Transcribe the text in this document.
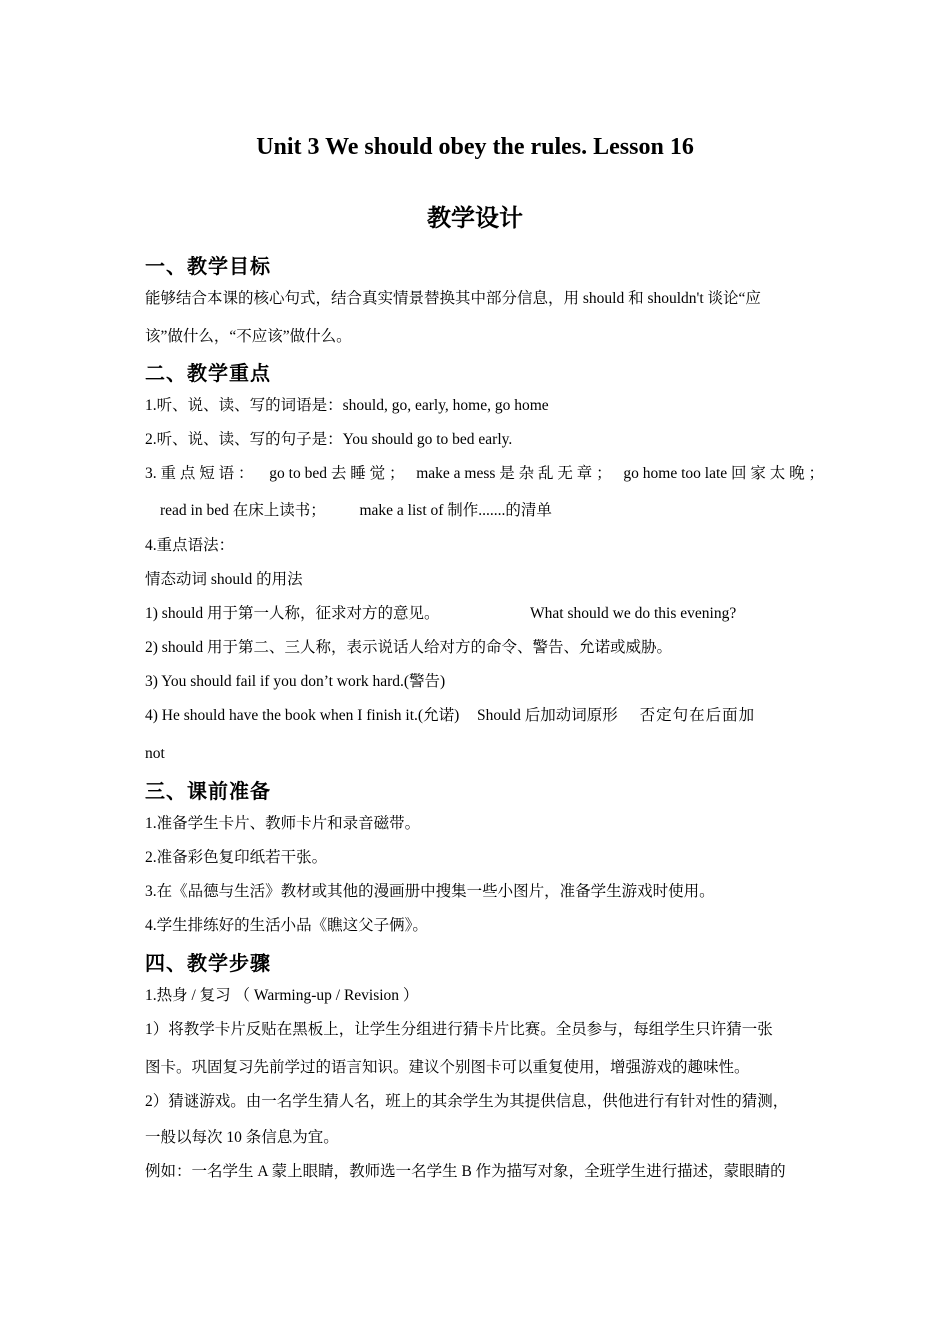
Unit 3 We should obey the rules. Lesson 16
教学设计
一、教学目标
能够结合本课的核心句式，结合真实情景替换其中部分信息，用 should 和 shouldn't 谈论“应
该”做什么，“不应该”做什么。
二、教学重点
1.听、说、读、写的词语是：should, go, early, home, go home
2.听、说、读、写的句子是：You should go to bed early.
3. 重 点 短 语 ： go to bed 去 睡 觉 ； make a mess 是 杂 乱 无 章 ； go home too late 回 家 太 晚 ；
read in bed 在床上读书； make a list of 制作.......的清单
4.重点语法：
情态动词 should 的用法
1) should 用于第一人称，征求对方的意见。	What should we do this evening?
2) should 用于第二、三人称，表示说话人给对方的命令、警告、允诺或威胁。
3) You should fail if you don’t work hard.(警告)
4) He should have the book when I finish it.(允诺) Should 后加动词原形 否定句在后面加
not
三、课前准备
1.准备学生卡片、教师卡片和录音磁带。
2.准备彩色复印纸若干张。
3.在《品德与生活》教材或其他的漫画册中搜集一些小图片，准备学生游戏时使用。
4.学生排练好的生活小品《瞧这父子俩》。
四、教学步骤
1.热身 / 复习 （ Warming-up / Revision ）
1）将教学卡片反贴在黑板上，让学生分组进行猜卡片比赛。全员参与，每组学生只许猜一张
图卡。巩固复习先前学过的语言知识。建议个别图卡可以重复使用，增强游戏的趣味性。
2）猜谜游戏。由一名学生猜人名，班上的其余学生为其提供信息，供他进行有针对性的猜测，
一般以每次 10 条信息为宜。
例如：一名学生 A 蒙上眼睛，教师选一名学生 B 作为描写对象，全班学生进行描述，蒙眼睛的
